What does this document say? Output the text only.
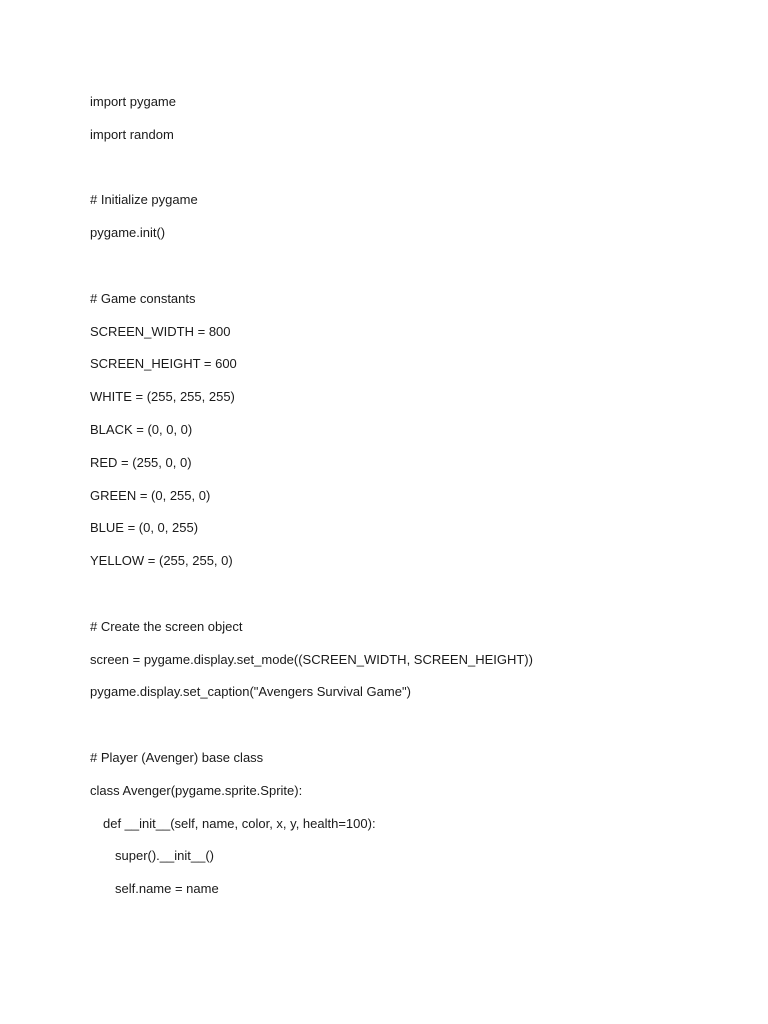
import pygame
import random
# Initialize pygame
pygame.init()
# Game constants
SCREEN_WIDTH = 800
SCREEN_HEIGHT = 600
WHITE = (255, 255, 255)
BLACK = (0, 0, 0)
RED = (255, 0, 0)
GREEN = (0, 255, 0)
BLUE = (0, 0, 255)
YELLOW = (255, 255, 0)
# Create the screen object
screen = pygame.display.set_mode((SCREEN_WIDTH, SCREEN_HEIGHT))
pygame.display.set_caption("Avengers Survival Game")
# Player (Avenger) base class
class Avenger(pygame.sprite.Sprite):
def __init__(self, name, color, x, y, health=100):
super().__init__()
self.name = name
